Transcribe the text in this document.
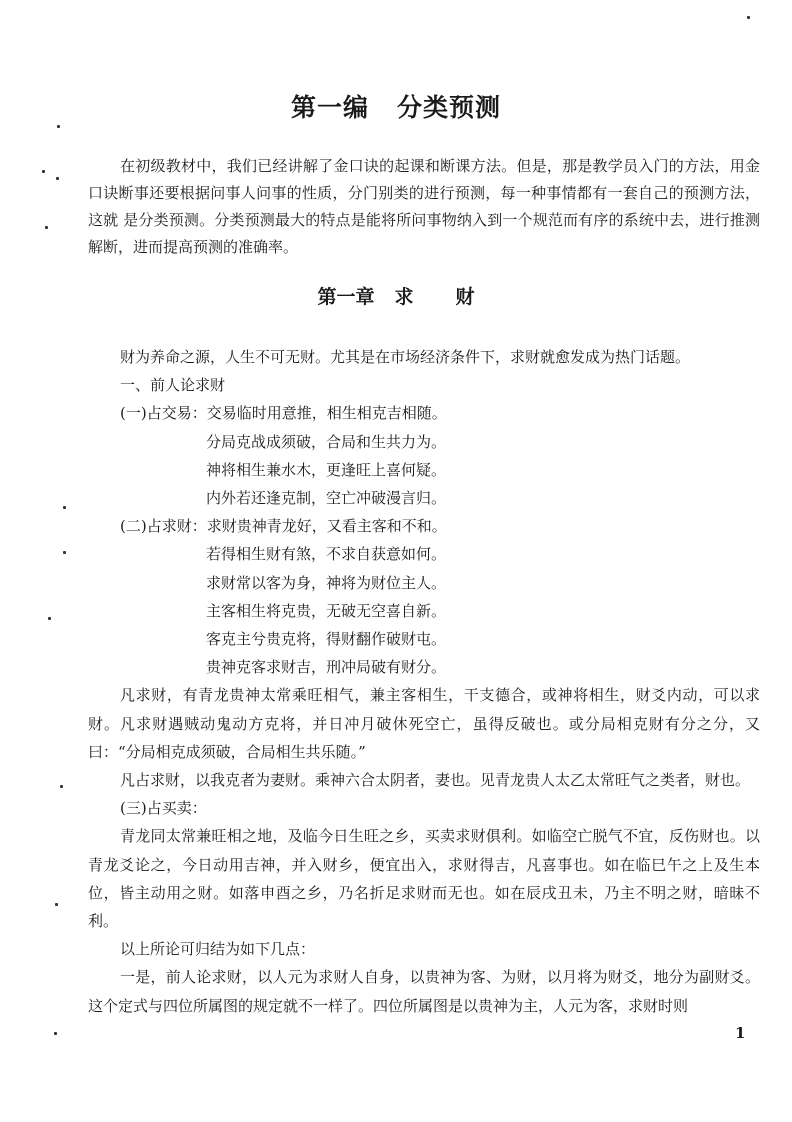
第一编 分类预测

在初级教材中，我们已经讲解了金口诀的起课和断课方法。但是，那是教学员入门的方法，用金口诀断事还要根据问事人问事的性质，分门别类的进行预测，每一种事情都有一套自己的预测方法，这就 是分类预测。分类预测最大的特点是能将所问事物纳入到一个规范而有序的系统中去，进行推测解断，进而提高预测的准确率。

第一章 求 财

财为养命之源，人生不可无财。尤其是在市场经济条件下，求财就愈发成为热门话题。

一、前人论求财

(一)占交易：交易临时用意推，相生相克吉相随。

分局克战成须破，合局和生共力为。

神将相生兼水木，更逢旺上喜何疑。

内外若还逢克制，空亡冲破漫言归。

(二)占求财：求财贵神青龙好，又看主客和不和。

若得相生财有煞，不求自获意如何。

求财常以客为身，神将为财位主人。

主客相生将克贵，无破无空喜自新。

客克主兮贵克将，得财翻作破财屯。

贵神克客求财吉，刑冲局破有财分。

凡求财，有青龙贵神太常乘旺相气，兼主客相生，干支德合，或神将相生，财爻内动，可以求财。凡求财遇贼动鬼动方克将，并日冲月破休死空亡，虽得反破也。或分局相克财有分之分，又曰：“分局相克成须破，合局相生共乐随。”

凡占求财，以我克者为妻财。乘神六合太阴者，妻也。见青龙贵人太乙太常旺气之类者，财也。

(三)占买卖：

青龙同太常兼旺相之地，及临今日生旺之乡，买卖求财俱利。如临空亡脱气不宜，反伤财也。以青龙爻论之，今日动用吉神，并入财乡，便宜出入，求财得吉，凡喜事也。如在临巳午之上及生本位，皆主动用之财。如落申酉之乡，乃名折足求财而无也。如在辰戌丑未，乃主不明之财，暗昧不利。

以上所论可归结为如下几点：

一是，前人论求财，以人元为求财人自身，以贵神为客、为财，以月将为财爻，地分为副财爻。这个定式与四位所属图的规定就不一样了。四位所属图是以贵神为主，人元为客，求财时则

1
